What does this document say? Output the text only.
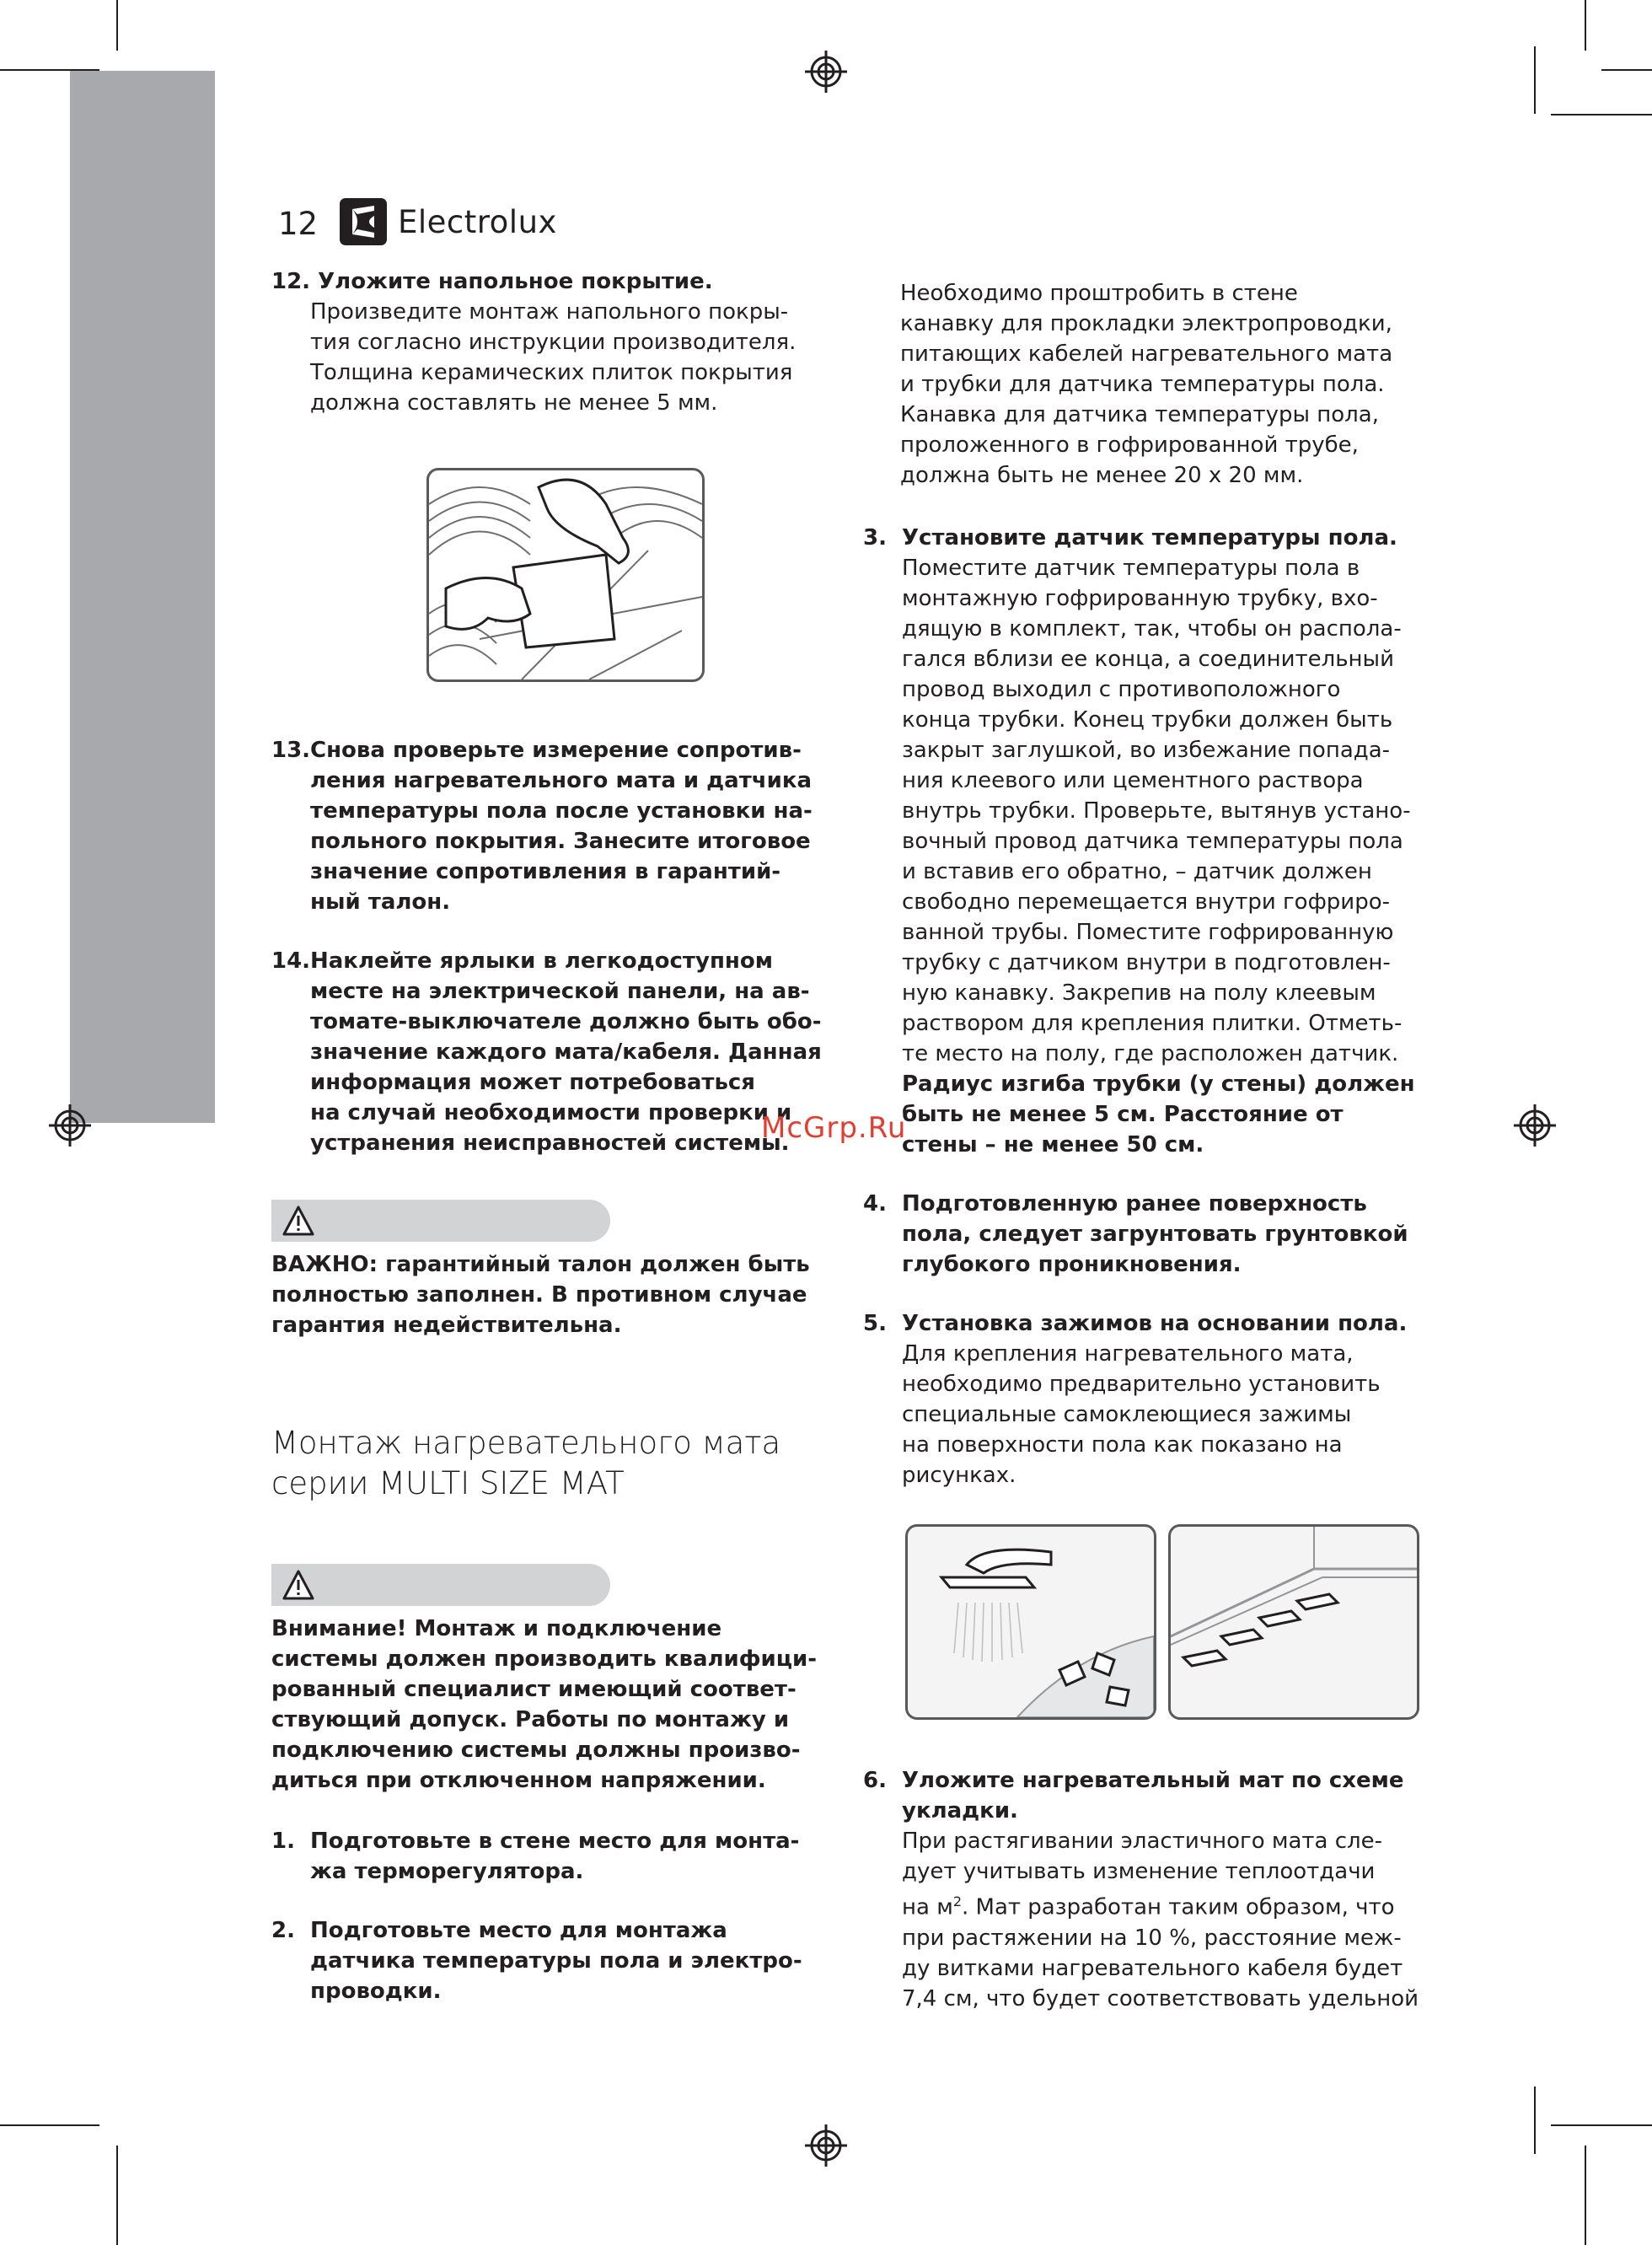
12	Electrolux
12. Уложите напольное покрытие.
Произведите монтаж напольного покры-
тия согласно инструкции производителя.
Толщина керамических плиток покрытия
должна составлять не менее 5 мм.
13. Снова проверьте измерение сопротив-
ления нагревательного мата и датчика
температуры пола после установки на-
польного покрытия. Занесите итоговое
значение сопротивления в гарантий-
ный талон.
14. Наклейте ярлыки в легкодоступном
месте на электрической панели, на ав-
томате-выключателе должно быть обо-
значение каждого мата/кабеля. Данная
информация может потребоваться
на случай необходимости проверки и
устранения неисправностей системы.
McGrp.Ru
ВАЖНО: гарантийный талон должен быть
полностью заполнен. В противном случае
гарантия недействительна.
Монтаж нагревательного мата
серии MULTI SIZE MAT
Внимание! Монтаж и подключение
системы должен производить квалифици-
рованный специалист имеющий соответ-
ствующий допуск. Работы по монтажу и
подключению системы должны произво-
диться при отключенном напряжении.
1. Подготовьте в стене место для монта-
жа терморегулятора.
2. Подготовьте место для монтажа
датчика температуры пола и электро-
проводки.
Необходимо проштробить в стене
канавку для прокладки электропроводки,
питающих кабелей нагревательного мата
и трубки для датчика температуры пола.
Канавка для датчика температуры пола,
проложенного в гофрированной трубе,
должна быть не менее 20 x 20 мм.
3. Установите датчик температуры пола.
Поместите датчик температуры пола в
монтажную гофрированную трубку, вхо-
дящую в комплект, так, чтобы он распола-
гался вблизи ее конца, а соединительный
провод выходил с противоположного
конца трубки. Конец трубки должен быть
закрыт заглушкой, во избежание попада-
ния клеевого или цементного раствора
внутрь трубки. Проверьте, вытянув устано-
вочный провод датчика температуры пола
и вставив его обратно, – датчик должен
свободно перемещается внутри гофриро-
ванной трубы. Поместите гофрированную
трубку с датчиком внутри в подготовлен-
ную канавку. Закрепив на полу клеевым
раствором для крепления плитки. Отметь-
те место на полу, где расположен датчик.
Радиус изгиба трубки (у стены) должен
быть не менее 5 см. Расстояние от
стены – не менее 50 см.
4. Подготовленную ранее поверхность
пола, следует загрунтовать грунтовкой
глубокого проникновения.
5. Установка зажимов на основании пола.
Для крепления нагревательного мата,
необходимо предварительно установить
специальные самоклеющиеся зажимы
на поверхности пола как показано на
рисунках.
6. Уложите нагревательный мат по схеме
укладки.
При растягивании эластичного мата сле-
дует учитывать изменение теплоотдачи
на $м^2$. Мат разработан таким образом, что
при растяжении на 10 %, расстояние меж-
ду витками нагревательного кабеля будет
7,4 см, что будет соответствовать удельной
